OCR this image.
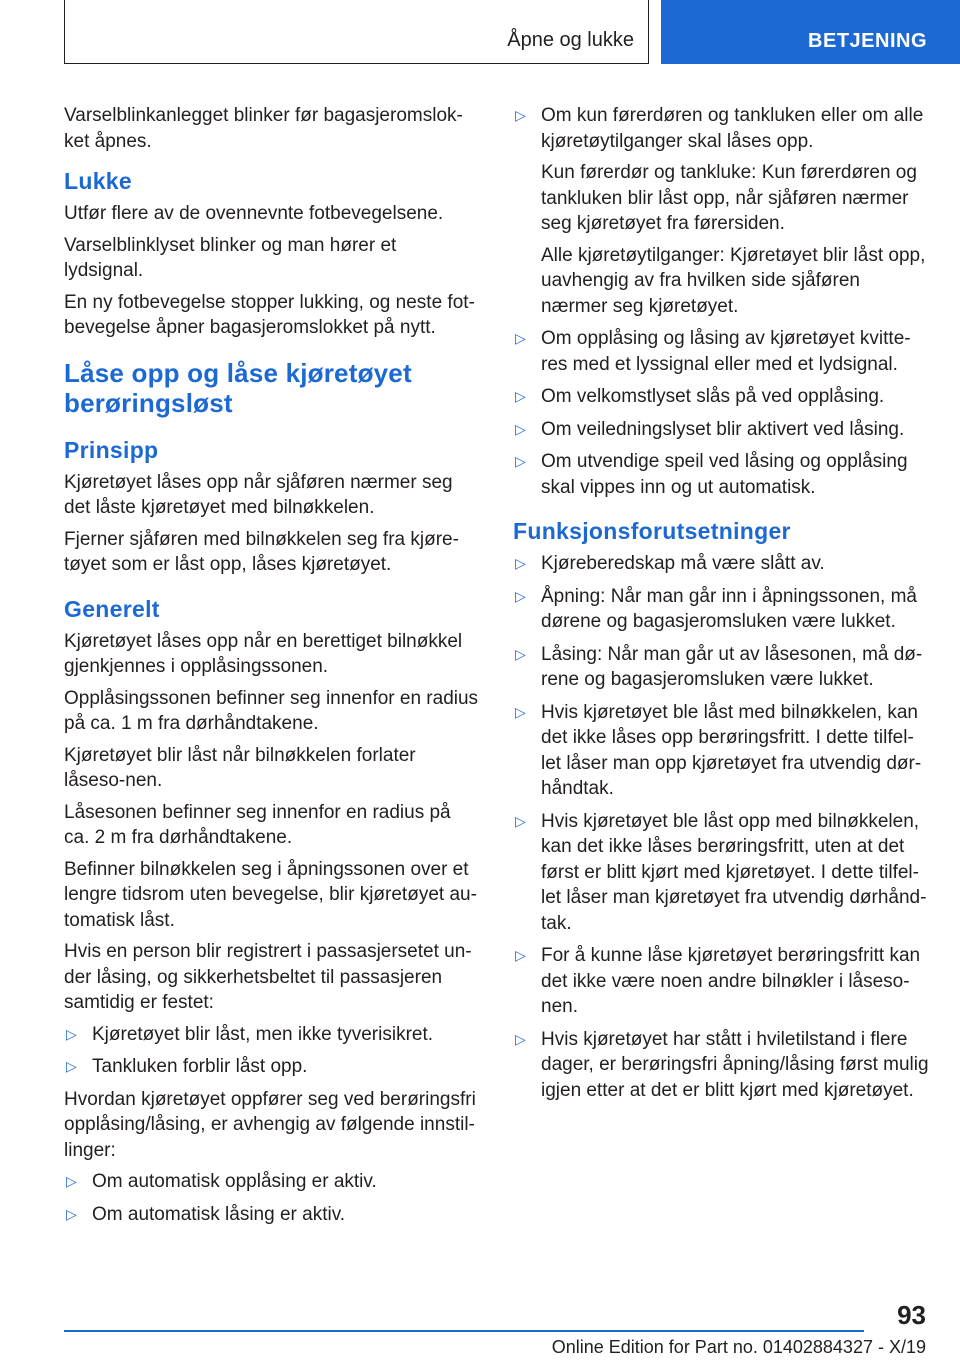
Åpne og lukke	BETJENING

Varselblinkanlegget blinker før bagasjeromslok-ket åpnes.

Lukke

Utfør flere av de ovennevnte fotbevegelsene.

Varselblinklyset blinker og man hører et lydsignal.

En ny fotbevegelse stopper lukking, og neste fot-bevegelse åpner bagasjeromslokket på nytt.

Låse opp og låse kjøretøyet berøringsløst
Prinsipp

Kjøretøyet låses opp når sjåføren nærmer seg det låste kjøretøyet med bilnøkkelen.

Fjerner sjåføren med bilnøkkelen seg fra kjøre-tøyet som er låst opp, låses kjøretøyet.

Generelt

Kjøretøyet låses opp når en berettiget bilnøkkel gjenkjennes i opplåsingssonen.

Opplåsingssonen befinner seg innenfor en radius på ca. 1 m fra dørhåndtakene.

Kjøretøyet blir låst når bilnøkkelen forlater låseso-nen.

Låsesonen befinner seg innenfor en radius på ca. 2 m fra dørhåndtakene.

Befinner bilnøkkelen seg i åpningssonen over et lengre tidsrom uten bevegelse, blir kjøretøyet au-tomatisk låst.

Hvis en person blir registrert i passasjersetet un-der låsing, og sikkerhetsbeltet til passasjeren samtidig er festet:

▷ Kjøretøyet blir låst, men ikke tyverisikret.
▷ Tankluken forblir låst opp.

Hvordan kjøretøyet oppfører seg ved berøringsfri opplåsing/låsing, er avhengig av følgende innstil-linger:

▷ Om automatisk opplåsing er aktiv.
▷ Om automatisk låsing er aktiv.
▷ Om kun førerdøren og tankluken eller om alle kjøretøytilganger skal låses opp.
Kun førerdør og tankluke: Kun førerdøren og tankluken blir låst opp, når sjåføren nærmer seg kjøretøyet fra førersiden.
Alle kjøretøytilganger: Kjøretøyet blir låst opp, uavhengig av fra hvilken side sjåføren nærmer seg kjøretøyet.
▷ Om opplåsing og låsing av kjøretøyet kvitte-res med et lyssignal eller med et lydsignal.
▷ Om velkomstlyset slås på ved opplåsing.
▷ Om veiledningslyset blir aktivert ved låsing.
▷ Om utvendige speil ved låsing og opplåsing skal vippes inn og ut automatisk.
Funksjonsforutsetninger
▷ Kjøreberedskap må være slått av.
▷ Åpning: Når man går inn i åpningssonen, må dørene og bagasjeromsluken være lukket.
▷ Låsing: Når man går ut av låsesonen, må dø-rene og bagasjeromsluken være lukket.
▷ Hvis kjøretøyet ble låst med bilnøkkelen, kan det ikke låses opp berøringsfritt. I dette tilfel-let låser man opp kjøretøyet fra utvendig dør-håndtak.
▷ Hvis kjøretøyet ble låst opp med bilnøkkelen, kan det ikke låses berøringsfritt, uten at det først er blitt kjørt med kjøretøyet. I dette tilfel-let låser man kjøretøyet fra utvendig dørhånd-tak.
▷ For å kunne låse kjøretøyet berøringsfritt kan det ikke være noen andre bilnøkler i låseso-nen.
▷ Hvis kjøretøyet har stått i hviletilstand i flere dager, er berøringsfri åpning/låsing først mulig igjen etter at det er blitt kjørt med kjøretøyet.
93
Online Edition for Part no. 01402884327 - X/19
